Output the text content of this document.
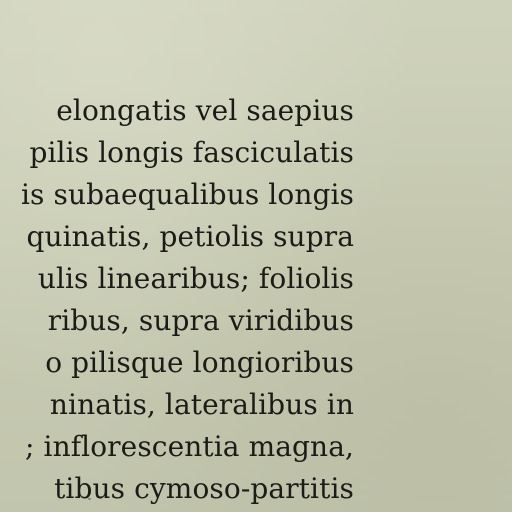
elongatis vel saepius
pilis longis fasciculatis
is subaequalibus longis
quinatis, petiolis supra
ulis linearibus; foliolis
ribus, supra viridibus
o pilisque longioribus
ninatis, lateralibus in
; inflorescentia magna,
tibus cymoso-partitis
